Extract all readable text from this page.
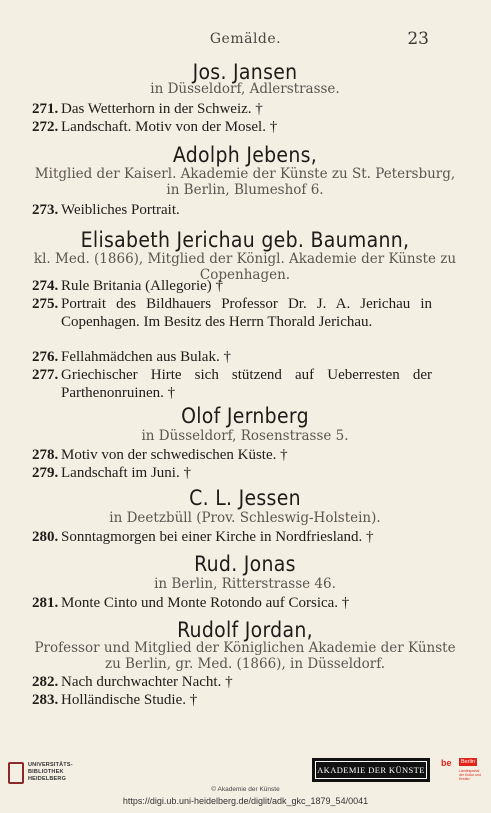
Gemälde.	23
Jos. Jansen
in Düsseldorf, Adlerstrasse.
271. Das Wetterhorn in der Schweiz. †
272. Landschaft. Motiv von der Mosel. †
Adolph Jebens,
Mitglied der Kaiserl. Akademie der Künste zu St. Petersburg, in Berlin, Blumeshof 6.
273. Weibliches Portrait.
Elisabeth Jerichau geb. Baumann,
kl. Med. (1866), Mitglied der Königl. Akademie der Künste zu Copenhagen.
274. Rule Britania (Allegorie) †
275. Portrait des Bildhauers Professor Dr. J. A. Jerichau in Copenhagen. Im Besitz des Herrn Thorald Jerichau.
276. Fellahmädchen aus Bulak. †
277. Griechischer Hirte sich stützend auf Ueberresten der Parthenonruinen. †
Olof Jernberg
in Düsseldorf, Rosenstrasse 5.
278. Motiv von der schwedischen Küste. †
279. Landschaft im Juni. †
C. L. Jessen
in Deetzbüll (Prov. Schleswig-Holstein).
280. Sonntagmorgen bei einer Kirche in Nordfriesland. †
Rud. Jonas
in Berlin, Ritterstrasse 46.
281. Monte Cinto und Monte Rotondo auf Corsica. †
Rudolf Jordan,
Professor und Mitglied der Königlichen Akademie der Künste zu Berlin, gr. Med. (1866), in Düsseldorf.
282. Nach durchwachter Nacht. †
283. Holländische Studie. †
UNIVERSITÄTS-
BIBLIOTHEK
HEIDELBERG
AKADEMIE DER KÜNSTE
be	Berlin
Landesportal der Kultur und Kreativ
© Akademie der Künste
https://digi.ub.uni-heidelberg.de/diglit/adk_gkc_1879_54/0041
